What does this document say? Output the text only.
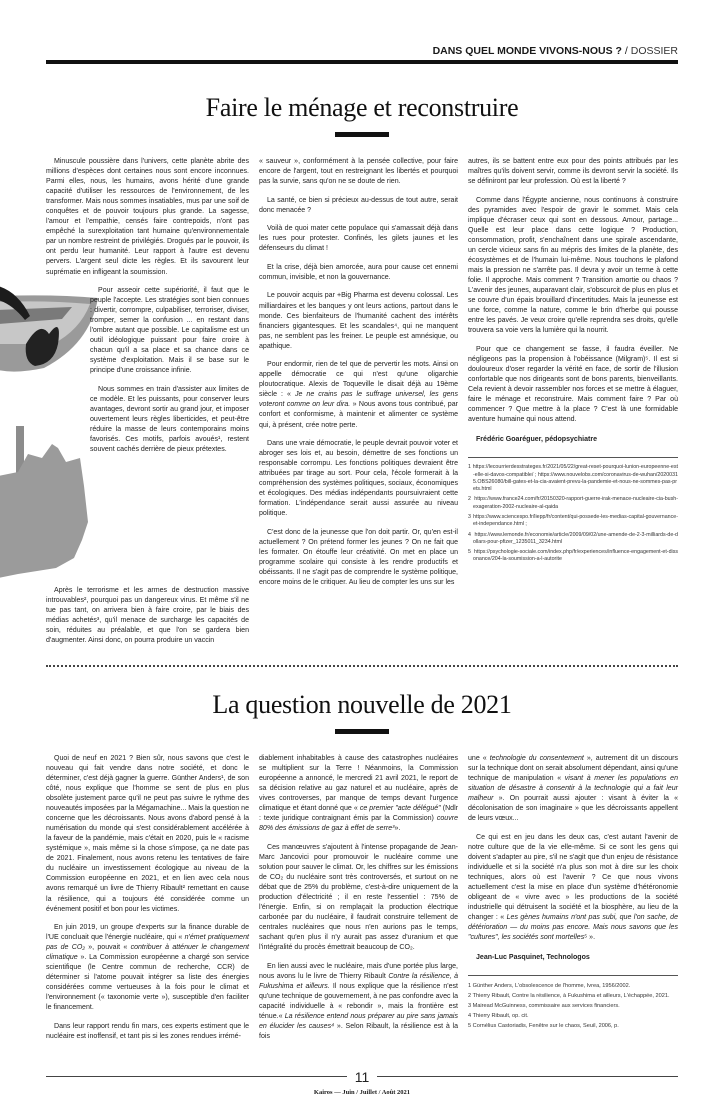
DANS QUEL MONDE VIVONS-NOUS ? / DOSSIER
Faire le ménage et reconstruire

Minuscule poussière dans l'univers, cette planète abrite des millions d'espèces dont certaines nous sont encore inconnues. Parmi elles, nous, les humains, avons hérité d'une grande capacité d'utiliser les ressources de l'environnement, de les transformer. Mais nous sommes insatiables, mus par une soif de conquêtes et de pouvoir toujours plus grande. La sagesse, l'amour et l'empathie, censés faire contrepoids, n'ont pas empêché la surexploitation tant humaine qu'environnementale par un nombre restreint de privilégiés. Drogués par le pouvoir, ils ont perdu leur humanité. Leur rapport à l'autre est devenu pervers. L'argent seul dicte les règles. Et ils savourent leur suprématie en infligeant la soumission.

Pour asseoir cette supériorité, il faut que le peuple l'accepte. Les stratégies sont bien connues : divertir, corrompre, culpabiliser, terroriser, diviser, tromper, semer la confusion ... en restant dans l'ombre autant que possible. Le capitalisme est un outil idéologique puissant pour faire croire à chacun qu'il a sa place et sa chance dans ce système d'exploitation. Mais il se base sur le principe d'une croissance infinie.

Nous sommes en train d'assister aux limites de ce modèle. Et les puissants, pour conserver leurs avantages, devront sortir au grand jour, et imposer ouvertement leurs règles liberticides, et peut-être réduire la masse de leurs contemporains moins favorisés. Ces motifs, parfois avoués¹, restent souvent cachés derrière de pieux prétextes.

Après le terrorisme et les armes de destruction massive introuvables², pourquoi pas un dangereux virus. Et même s'il ne tue pas tant, on arrivera bien à faire croire, par le biais des médias achetés³, qu'il menace de surcharge les capacités de soin, réduites au préalable, et que l'on se gardera bien d'augmenter. Ainsi donc, on pourra produire un vaccin

« sauveur », conformément à la pensée collective, pour faire encore de l'argent, tout en restreignant les libertés et pourquoi pas la survie, sans qu'on ne se doute de rien.

La santé, ce bien si précieux au-dessus de tout autre, serait donc menacée ?

Voilà de quoi mater cette populace qui s'amassait déjà dans les rues pour protester. Confinés, les gilets jaunes et les défenseurs du climat !

Et la crise, déjà bien amorcée, aura pour cause cet ennemi commun, invisible, et non la gouvernance.

Le pouvoir acquis par +Big Pharma est devenu colossal. Les milliardaires et les banques y ont leurs actions, partout dans le monde. Ces bienfaiteurs de l'humanité cachent des intérêts financiers gigantesques. Et les scandales⁴, qui ne manquent pas, ne semblent pas les freiner. Le peuple est amnésique, ou apathique.

Pour endormir, rien de tel que de pervertir les mots. Ainsi on appelle démocratie ce qui n'est qu'une oligarchie ploutocratique. Alexis de Toqueville le disait déjà au 19ème siècle : « Je ne crains pas le suffrage universel, les gens voteront comme on leur dira. » Nous avons tous contribué, par confort et conformisme, à maintenir et alimenter ce système qui, à présent, crée notre perte.

Dans une vraie démocratie, le peuple devrait pouvoir voter et abroger ses lois et, au besoin, démettre de ses fonctions un responsable corrompu. Les fonctions politiques devraient être attribuées par tirage au sort. Pour cela, l'école formerait à la compréhension des systèmes politiques, sociaux, économiques et écologiques. Des médias indépendants poursuivraient cette formation. L'indépendance serait aussi assurée au niveau politique.

C'est donc de la jeunesse que l'on doit partir. Or, qu'en est-il actuellement ? On prétend former les jeunes ? On ne fait que les formater. On étouffe leur créativité. On met en place un programme scolaire qui consiste à les rendre productifs et obéissants. Il ne s'agit pas de comprendre le système politique, encore moins de le critiquer. Au lieu de compter les uns sur les

autres, ils se battent entre eux pour des points attribués par les maîtres qu'ils doivent servir, comme ils devront servir la société. Ils se définiront par leur profession. Où est la liberté ?

Comme dans l'Égypte ancienne, nous continuons à construire des pyramides avec l'espoir de gravir le sommet. Mais cela implique d'écraser ceux qui sont en dessous. Amour, partage... Quelle est leur place dans cette logique ? Production, consommation, profit, s'enchaînent dans une spirale ascendante, un cercle vicieux sans fin au mépris des limites de la planète, des écosystèmes et de l'humain lui-même. Nous touchons le plafond mais la pression ne s'arrête pas. Il devra y avoir un terme à cette folie. Il approche. Mais comment ? Transition amortie ou chaos ? L'avenir des jeunes, auparavant clair, s'obscurcit de plus en plus et se couvre d'un épais brouillard d'incertitudes. Mais la jeunesse est une force, comme la nature, comme le brin d'herbe qui pousse entre les pavés. Je veux croire qu'elle reprendra ses droits, qu'elle trouvera sa voie vers la lumière qui la nourrit.

Pour que ce changement se fasse, il faudra éveiller. Ne négligeons pas la propension à l'obéissance (Milgram)⁵. Il est si douloureux d'oser regarder la vérité en face, de sortir de l'illusion confortable que nos dirigeants sont de bons parents, bienveillants. Cela revient à devoir rassembler nos forces et se mettre à élaguer, faire le ménage et reconstruire. Mais comment faire ? Par où commencer ? Que mettre à la place ? C'est là une formidable aventure humaine qui nous attend.

Frédéric Goaréguer, pédopsychiatre

1 https://lecourrierdesstrateges.fr/2021/05/22/great-reset-pourquoi-lunion-europeenne-est-elle-si-davos-compatible/ ; https://www.nouvelobs.com/coronavirus-de-wuhan/20200315.OBS26080/bill-gates-et-la-cia-avaient-prevu-la-pandemie-et-nous-ne-sommes-pas-prets.html
2 https://www.france24.com/fr/20150320-rapport-guerre-irak-menace-nucleaire-cia-bush-exageration-2002-nucleaire-al-qaida
3 https://www.sciencespo.fr/liepp/fr/content/qui-possede-les-medias-capital-gouvernance-et-independance.html ;
4 https://www.lemonde.fr/economie/article/2009/09/02/une-amende-de-2-3-milliards-de-dollars-pour-pfizer_1235011_3234.html
5 https://psychologie-sociale.com/index.php/fr/experiences/influence-engagement-et-dissonance/204-la-soumission-a-l-autorite
La question nouvelle de 2021

Quoi de neuf en 2021 ? Bien sûr, nous savons que c'est le nouveau qui fait vendre dans notre société, et donc le déterminer, c'est déjà gagner la guerre. Günther Anders¹, de son côté, nous explique que l'homme se sent de plus en plus obsolète justement parce qu'il ne peut pas suivre le rythme des nouveautés imposées par la Mégamachine... Mais la question ne concerne que les décroissants. Nous avons d'abord pensé à la numérisation du monde qui s'est considérablement accélérée à la faveur de la pandémie, mais c'était en 2020, puis le « racisme systémique », mais même si la chose s'impose, ça ne date pas de 2021. Finalement, nous avons retenu les tentatives de faire du nucléaire un investissement écologique au niveau de la Commission européenne en 2021, et en lien avec cela nous avons remarqué un livre de Thierry Ribault² remettant en cause la résilience, qui a toujours été considérée comme un événement positif et bon pour les victimes.

En juin 2019, un groupe d'experts sur la finance durable de l'UE concluait que l'énergie nucléaire, qui « n'émet pratiquement pas de CO₂ », pouvait « contribuer à atténuer le changement climatique ». La Commission européenne a chargé son service scientifique (le Centre commun de recherche, CCR) de déterminer si l'atome pouvait intégrer sa liste des énergies considérées comme vertueuses à la fois pour le climat et l'environnement (« taxonomie verte »), susceptible d'en faciliter le financement.

Dans leur rapport rendu fin mars, ces experts estiment que le nucléaire est inoffensif, et tant pis si les zones rendues irrémé-

diablement inhabitables à cause des catastrophes nucléaires se multiplient sur la Terre ! Néanmoins, la Commission européenne a annoncé, le mercredi 21 avril 2021, le report de sa décision relative au gaz naturel et au nucléaire, après de vives controverses, par manque de temps devant l'urgence climatique et étant donné que « ce premier "acte délégué" (Ndlr : texte juridique contraignant émis par la Commission) couvre 80% des émissions de gaz à effet de serre³».

Ces manœuvres s'ajoutent à l'intense propagande de Jean-Marc Jancovici pour promouvoir le nucléaire comme une solution pour sauver le climat. Or, les chiffres sur les émissions de CO₂ du nucléaire sont très controversés, et surtout on ne débat que de 25% du problème, c'est-à-dire uniquement de la production d'électricité ; il en reste l'essentiel : 75% de l'énergie. Enfin, si on remplaçait la production électrique carbonée par du nucléaire, il faudrait construire tellement de centrales nucléaires que nous n'en aurions pas le temps, sachant qu'en plus il n'y aurait pas assez d'uranium et que l'intégralité du procès émettrait beaucoup de CO₂.

En lien aussi avec le nucléaire, mais d'une portée plus large, nous avons lu le livre de Thierry Ribault Contre la résilience, à Fukushima et ailleurs. Il nous explique que la résilience n'est qu'une technique de gouvernement, à ne pas confondre avec la capacité individuelle à « rebondir », mais la frontière est ténue.« La résilience entend nous préparer au pire sans jamais en élucider les causes⁴ ». Selon Ribault, la résilience est à la fois

une « technologie du consentement », autrement dit un discours sur la technique dont on serait absolument dépendant, ainsi qu'une technique de manipulation « visant à mener les populations en situation de désastre à consentir à la technologie qui a fait leur malheur ». On pourrait aussi ajouter : visant à éviter la « décolonisation de son imaginaire » que les décroissants appellent de leurs vœux...

Ce qui est en jeu dans les deux cas, c'est autant l'avenir de notre culture que de la vie elle-même. Si ce sont les gens qui doivent s'adapter au pire, s'il ne s'agit que d'un enjeu de résistance individuelle et si la société n'a plus son mot à dire sur les choix techniques, alors où est l'avenir ? Ce que nous vivons actuellement c'est la mise en place d'un système d'hétéronomie obligeant de « vivre avec » les productions de la société industrielle qui détruisent la société et la biosphère, au lieu de la changer : « Les gènes humains n'ont pas subi, que l'on sache, de détérioration — du moins pas encore. Mais nous savons que les "cultures", les sociétés sont mortelles⁵ ».

Jean-Luc Pasquinet, Technologos

1 Günther Anders, L'obsolescence de l'homme, Ivrea, 1956/2002.
2 Thierry Ribault, Contre la résilience, à Fukushima et ailleurs, L'échappée, 2021.
3 Mairead McGuinness, commissaire aux services financiers.
4 Thierry Ribault, op. cit.
5 Cornélius Castoriadis, Fenêtre sur le chaos, Seuil, 2006, p.
11
Kairos — Juin / Juillet / Août 2021
